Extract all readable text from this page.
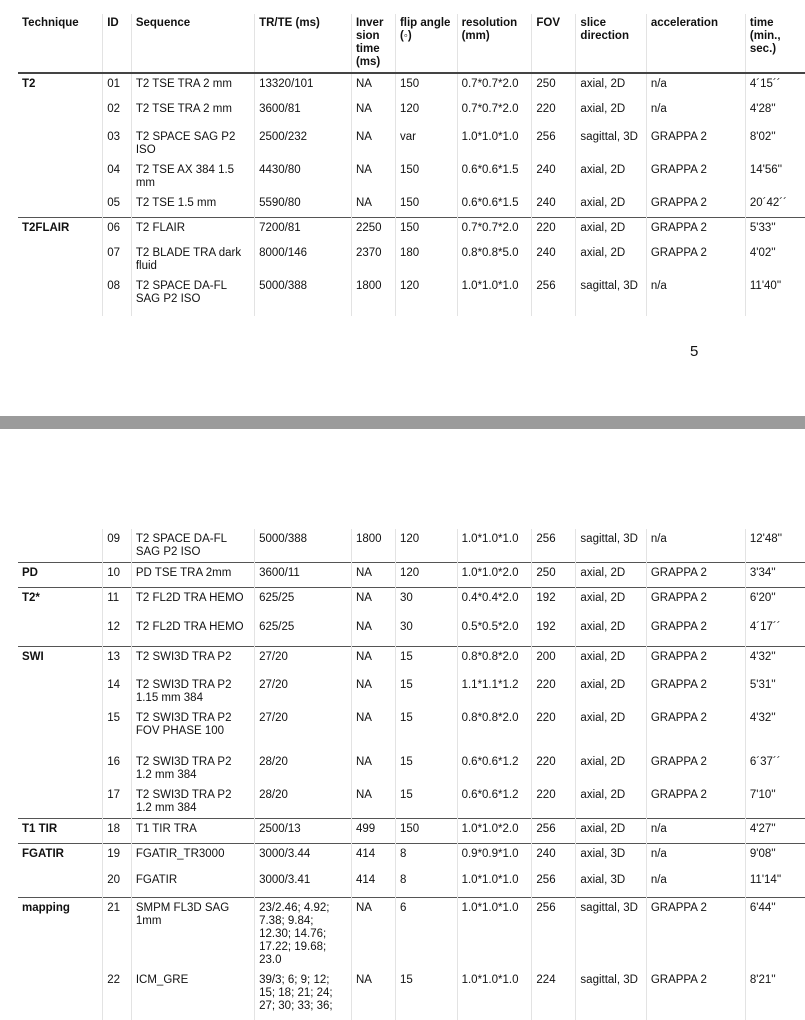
Technique	ID	Sequence	TR/TE (ms)	Inver sion time (ms)	flip angle (◦)	resolution (mm)	FOV	slice direction	acceleration	time (min., sec.)
T2	01	T2 TSE TRA 2 mm	13320/101	NA	150	0.7*0.7*2.0	250	axial, 2D	n/a	4´15´´
	02	T2 TSE TRA 2 mm	3600/81	NA	120	0.7*0.7*2.0	220	axial, 2D	n/a	4'28''
	03	T2 SPACE SAG P2 ISO	2500/232	NA	var	1.0*1.0*1.0	256	sagittal, 3D	GRAPPA 2	8'02''
	04	T2 TSE AX 384 1.5 mm	4430/80	NA	150	0.6*0.6*1.5	240	axial, 2D	GRAPPA 2	14'56''
	05	T2 TSE 1.5 mm	5590/80	NA	150	0.6*0.6*1.5	240	axial, 2D	GRAPPA 2	20´42´´
T2FLAIR	06	T2 FLAIR	7200/81	2250	150	0.7*0.7*2.0	220	axial, 2D	GRAPPA 2	5'33''
	07	T2 BLADE TRA dark fluid	8000/146	2370	180	0.8*0.8*5.0	240	axial, 2D	GRAPPA 2	4'02''
	08	T2 SPACE DA-FL SAG P2 ISO	5000/388	1800	120	1.0*1.0*1.0	256	sagittal, 3D	n/a	11'40''
5
	09	T2 SPACE DA-FL SAG P2 ISO	5000/388	1800	120	1.0*1.0*1.0	256	sagittal, 3D	n/a	12'48''
PD	10	PD TSE TRA 2mm	3600/11	NA	120	1.0*1.0*2.0	250	axial, 2D	GRAPPA 2	3'34''
T2*	11	T2 FL2D TRA HEMO	625/25	NA	30	0.4*0.4*2.0	192	axial, 2D	GRAPPA 2	6'20''
	12	T2 FL2D TRA HEMO	625/25	NA	30	0.5*0.5*2.0	192	axial, 2D	GRAPPA 2	4´17´´
SWI	13	T2 SWI3D TRA P2	27/20	NA	15	0.8*0.8*2.0	200	axial, 2D	GRAPPA 2	4'32''
	14	T2 SWI3D TRA P2 1.15 mm 384	27/20	NA	15	1.1*1.1*1.2	220	axial, 2D	GRAPPA 2	5'31''
	15	T2 SWI3D TRA P2 FOV PHASE 100	27/20	NA	15	0.8*0.8*2.0	220	axial, 2D	GRAPPA 2	4'32''
	16	T2 SWI3D TRA P2 1.2 mm 384	28/20	NA	15	0.6*0.6*1.2	220	axial, 2D	GRAPPA 2	6´37´´
	17	T2 SWI3D TRA P2 1.2 mm 384	28/20	NA	15	0.6*0.6*1.2	220	axial, 2D	GRAPPA 2	7'10''
T1 TIR	18	T1 TIR TRA	2500/13	499	150	1.0*1.0*2.0	256	axial, 2D	n/a	4'27''
FGATIR	19	FGATIR_TR3000	3000/3.44	414	8	0.9*0.9*1.0	240	axial, 3D	n/a	9'08''
	20	FGATIR	3000/3.41	414	8	1.0*1.0*1.0	256	axial, 3D	n/a	11'14''
mapping	21	SMPM FL3D SAG 1mm	23/2.46; 4.92; 7.38; 9.84; 12.30; 14.76; 17.22; 19.68; 23.0	NA	6	1.0*1.0*1.0	256	sagittal, 3D	GRAPPA 2	6'44''
	22	ICM_GRE	39/3; 6; 9; 12; 15; 18; 21; 24; 27; 30; 33; 36;	NA	15	1.0*1.0*1.0	224	sagittal, 3D	GRAPPA 2	8'21''
